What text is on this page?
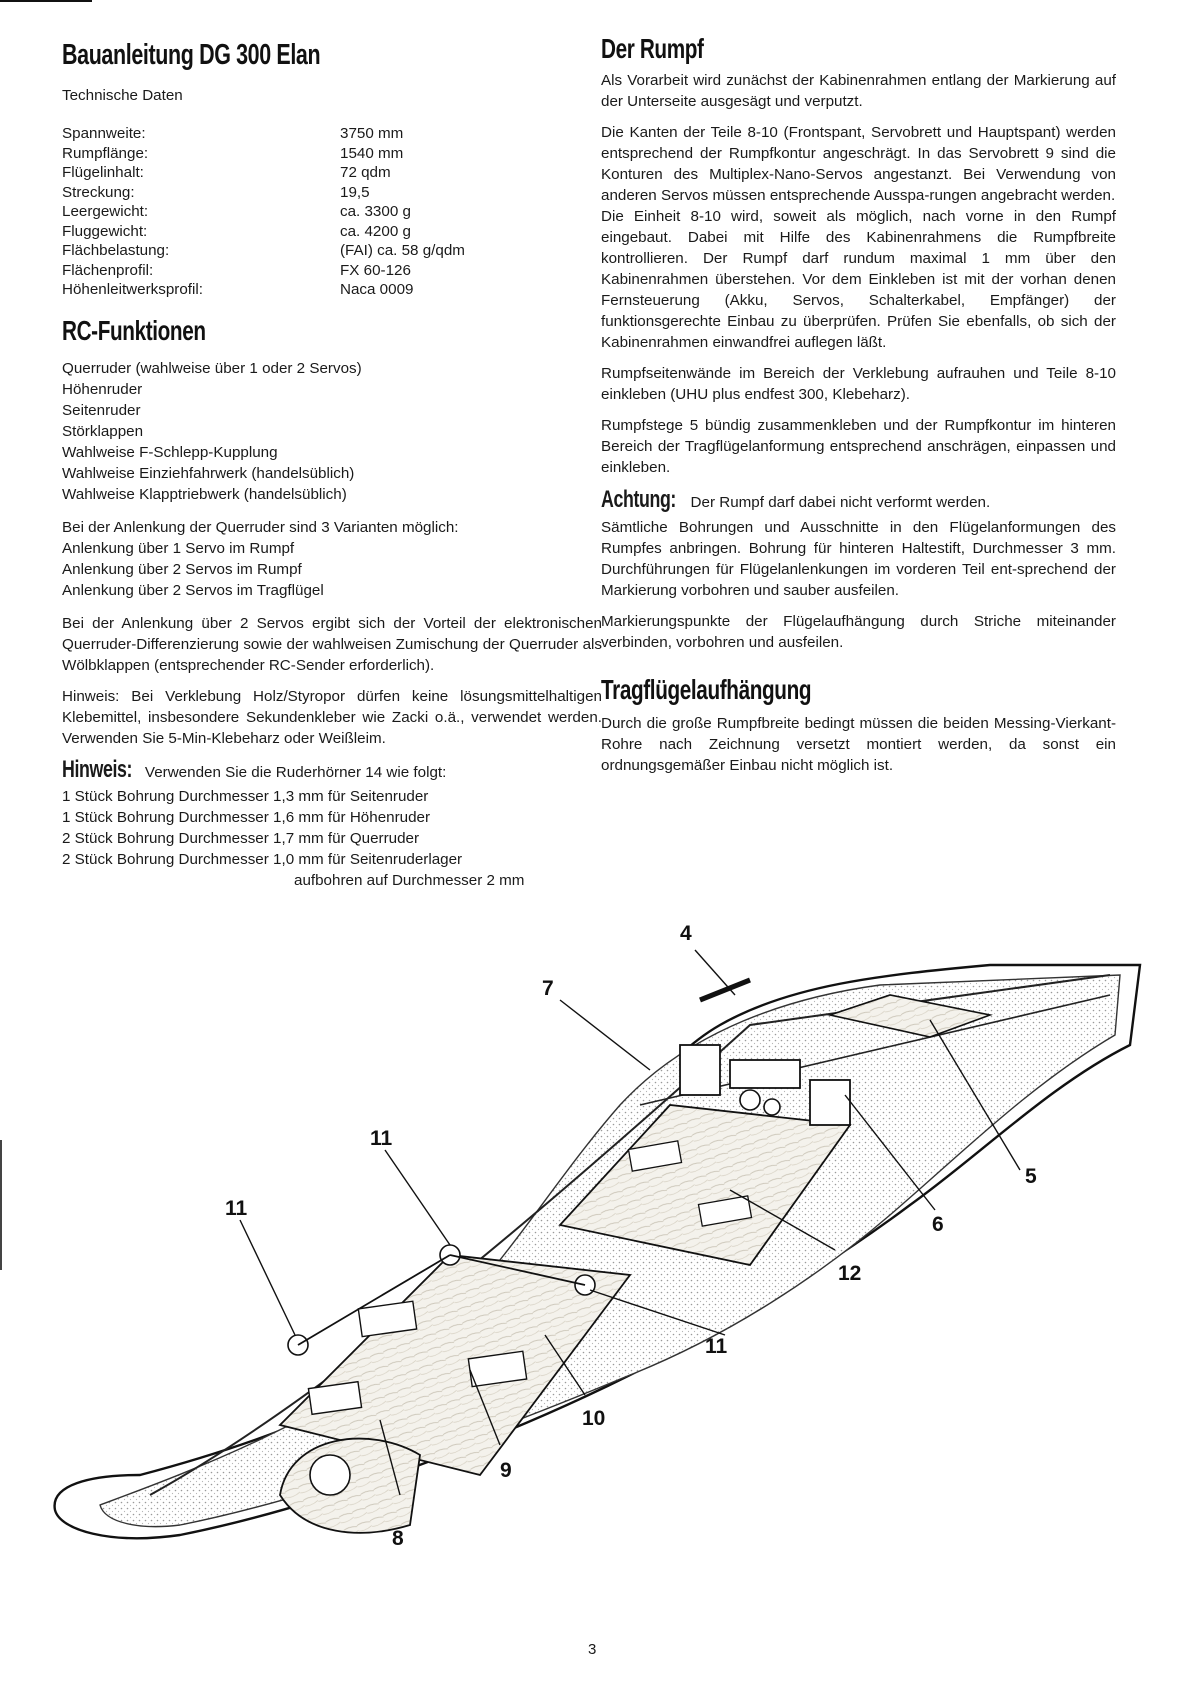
Bauanleitung DG 300 Elan

Technische Daten

Spannweite:	3750 mm
Rumpflänge:	1540 mm
Flügelinhalt:	72 qdm
Streckung:	19,5
Leergewicht:	ca. 3300 g
Fluggewicht:	ca. 4200 g
Flächbelastung:	(FAI) ca. 58 g/qdm
Flächenprofil:	FX 60-126
Höhenleitwerksprofil:	Naca 0009
RC-Funktionen
Querruder (wahlweise über 1 oder 2 Servos)
Höhenruder
Seitenruder
Störklappen
Wahlweise F-Schlepp-Kupplung
Wahlweise Einziehfahrwerk (handelsüblich)
Wahlweise Klapptriebwerk (handelsüblich)
Bei der Anlenkung der Querruder sind 3 Varianten möglich:
Anlenkung über 1 Servo im Rumpf
Anlenkung über 2 Servos im Rumpf
Anlenkung über 2 Servos im Tragflügel

Bei der Anlenkung über 2 Servos ergibt sich der Vorteil der elektronischen Querruder-Differenzierung sowie der wahlweisen Zumischung der Querruder als Wölbklappen (entsprechender RC-Sender erforderlich).

Hinweis: Bei Verklebung Holz/Styropor dürfen keine lösungsmittelhaltigen Klebemittel, insbesondere Sekundenkleber wie Zacki o.ä., verwendet werden. Verwenden Sie 5-Min-Klebeharz oder Weißleim.

Hinweis: Verwenden Sie die Ruderhörner 14 wie folgt:
1 Stück Bohrung Durchmesser 1,3 mm für Seitenruder
1 Stück Bohrung Durchmesser 1,6 mm für Höhenruder
2 Stück Bohrung Durchmesser 1,7 mm für Querruder
2 Stück Bohrung Durchmesser 1,0 mm für Seitenruderlager
aufbohren auf Durchmesser 2 mm
Der Rumpf

Als Vorarbeit wird zunächst der Kabinenrahmen entlang der Markierung auf der Unterseite ausgesägt und verputzt.

Die Kanten der Teile 8-10 (Frontspant, Servobrett und Hauptspant) werden entsprechend der Rumpfkontur angeschrägt. In das Servobrett 9 sind die Konturen des Multiplex-Nano-Servos angestanzt. Bei Verwendung von anderen Servos müssen entsprechende Ausspa-rungen angebracht werden.

Die Einheit 8-10 wird, soweit als möglich, nach vorne in den Rumpf eingebaut. Dabei mit Hilfe des Kabinenrahmens die Rumpfbreite kontrollieren. Der Rumpf darf rundum maximal 1 mm über den Kabinenrahmen überstehen. Vor dem Einkleben ist mit der vorhan denen Fernsteuerung (Akku, Servos, Schalterkabel, Empfänger) der funktionsgerechte Einbau zu überprüfen. Prüfen Sie ebenfalls, ob sich der Kabinenrahmen einwandfrei auflegen läßt.

Rumpfseitenwände im Bereich der Verklebung aufrauhen und Teile 8-10 einkleben (UHU plus endfest 300, Klebeharz).

Rumpfstege 5 bündig zusammenkleben und der Rumpfkontur im hinteren Bereich der Tragflügelanformung entsprechend anschrägen, einpassen und einkleben.

Achtung: Der Rumpf darf dabei nicht verformt werden.

Sämtliche Bohrungen und Ausschnitte in den Flügelanformungen des Rumpfes anbringen. Bohrung für hinteren Haltestift, Durchmesser 3 mm. Durchführungen für Flügelanlenkungen im vorderen Teil ent-sprechend der Markierung vorbohren und sauber ausfeilen.

Markierungspunkte der Flügelaufhängung durch Striche miteinander verbinden, vorbohren und ausfeilen.

Tragflügelaufhängung

Durch die große Rumpfbreite bedingt müssen die beiden Messing-Vierkant-Rohre nach Zeichnung versetzt montiert werden, da sonst ein ordnungsgemäßer Einbau nicht möglich ist.

4
7
5
6
12
11
11
11
10
9
8
3
